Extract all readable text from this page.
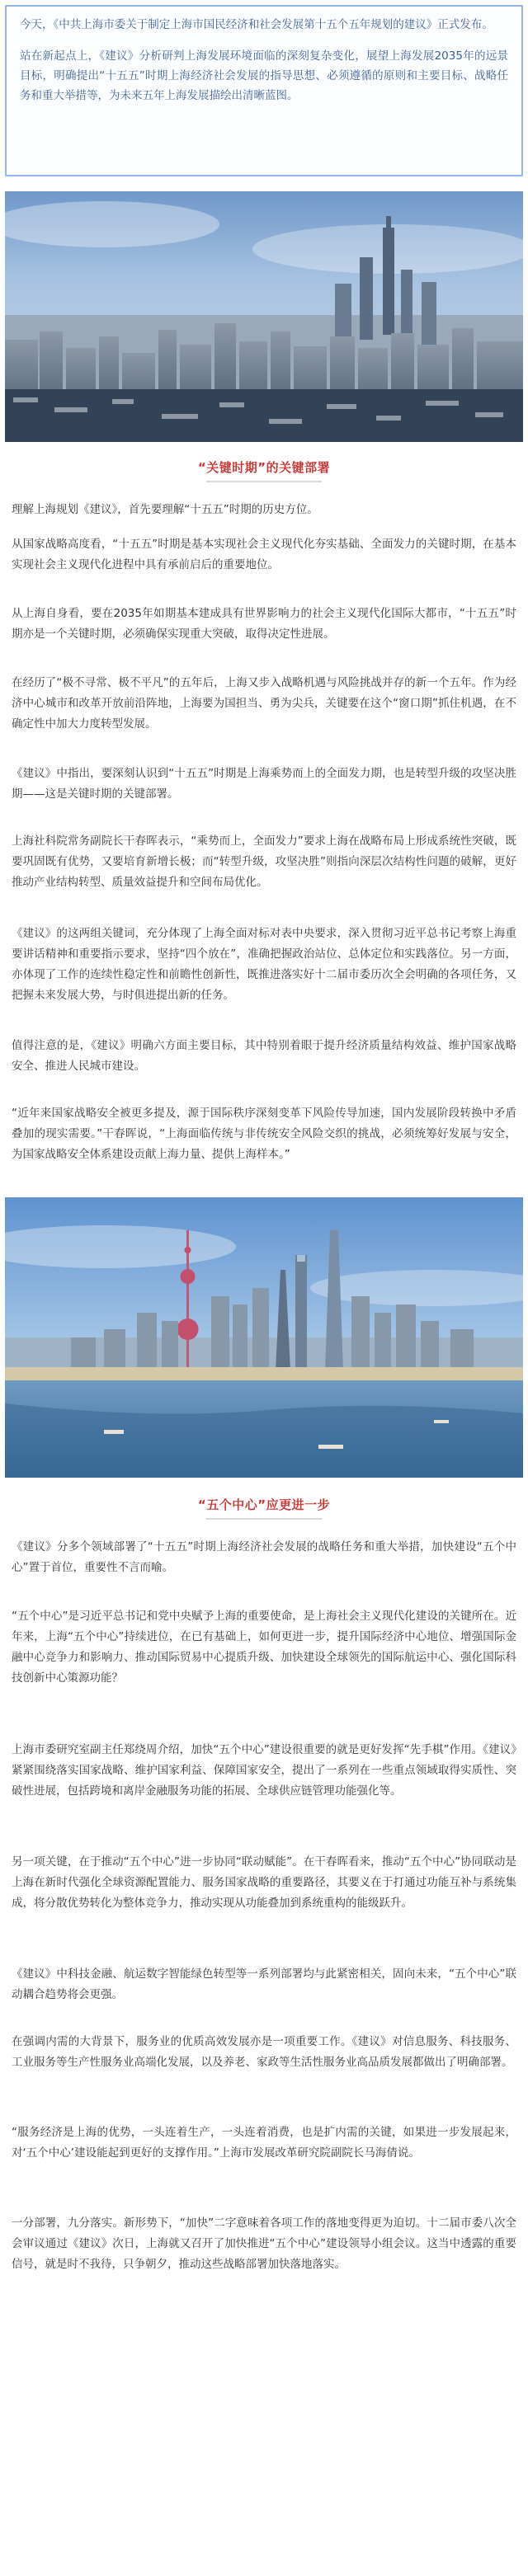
今天，《中共上海市委关于制定上海市国民经济和社会发展第十五个五年规划的建议》正式发布。

站在新起点上，《建议》分析研判上海发展环境面临的深刻复杂变化，展望上海发展2035年的远景目标，明确提出“十五五”时期上海经济社会发展的指导思想、必须遵循的原则和主要目标、战略任务和重大举措等，为未来五年上海发展描绘出清晰蓝图。

“关键时期”的关键部署

理解上海规划《建议》，首先要理解“十五五”时期的历史方位。

从国家战略高度看，“十五五”时期是基本实现社会主义现代化夯实基础、全面发力的关键时期，在基本实现社会主义现代化进程中具有承前启后的重要地位。

从上海自身看，要在2035年如期基本建成具有世界影响力的社会主义现代化国际大都市，“十五五”时期亦是一个关键时期，必须确保实现重大突破，取得决定性进展。

在经历了“极不寻常、极不平凡”的五年后，上海又步入战略机遇与风险挑战并存的新一个五年。作为经济中心城市和改革开放前沿阵地，上海要为国担当、勇为尖兵，关键要在这个“窗口期”抓住机遇，在不确定性中加大力度转型发展。

《建议》中指出，要深刻认识到“十五五”时期是上海乘势而上的全面发力期，也是转型升级的攻坚决胜期——这是关键时期的关键部署。

上海社科院常务副院长干春晖表示，“乘势而上，全面发力”要求上海在战略布局上形成系统性突破，既要巩固既有优势，又要培育新增长极；而“转型升级，攻坚决胜”则指向深层次结构性问题的破解，更好推动产业结构转型、质量效益提升和空间布局优化。

《建议》的这两组关键词，充分体现了上海全面对标对表中央要求，深入贯彻习近平总书记考察上海重要讲话精神和重要指示要求，坚持“四个放在”，准确把握政治站位、总体定位和实践落位。另一方面，亦体现了工作的连续性稳定性和前瞻性创新性，既推进落实好十二届市委历次全会明确的各项任务，又把握未来发展大势，与时俱进提出新的任务。

值得注意的是，《建议》明确六方面主要目标，其中特别着眼于提升经济质量结构效益、维护国家战略安全、推进人民城市建设。

“近年来国家战略安全被更多提及，源于国际秩序深刻变革下风险传导加速，国内发展阶段转换中矛盾叠加的现实需要。”干春晖说，“上海面临传统与非传统安全风险交织的挑战，必须统筹好发展与安全，为国家战略安全体系建设贡献上海力量、提供上海样本。”

“五个中心”应更进一步

《建议》分多个领域部署了“十五五”时期上海经济社会发展的战略任务和重大举措，加快建设“五个中心”置于首位，重要性不言而喻。

“五个中心”是习近平总书记和党中央赋予上海的重要使命，是上海社会主义现代化建设的关键所在。近年来，上海“五个中心”持续进位，在已有基础上，如何更进一步，提升国际经济中心地位、增强国际金融中心竞争力和影响力、推动国际贸易中心提质升级、加快建设全球领先的国际航运中心、强化国际科技创新中心策源功能？

上海市委研究室副主任郑绕周介绍，加快“五个中心”建设很重要的就是更好发挥“先手棋”作用。《建议》紧紧围绕落实国家战略、维护国家利益、保障国家安全，提出了一系列在一些重点领域取得实质性、突破性进展，包括跨境和离岸金融服务功能的拓展、全球供应链管理功能强化等。

另一项关键，在于推动“五个中心”进一步协同“联动赋能”。在干春晖看来，推动“五个中心”协同联动是上海在新时代强化全球资源配置能力、服务国家战略的重要路径，其要义在于打通过功能互补与系统集成，将分散优势转化为整体竞争力，推动实现从功能叠加到系统重构的能级跃升。

《建议》中科技金融、航运数字智能绿色转型等一系列部署均与此紧密相关，固向未来，“五个中心”联动耦合趋势将会更强。

在强调内需的大背景下，服务业的优质高效发展亦是一项重要工作。《建议》对信息服务、科技服务、工业服务等生产性服务业高端化发展，以及养老、家政等生活性服务业高品质发展都做出了明确部署。

“服务经济是上海的优势，一头连着生产，一头连着消费，也是扩内需的关键，如果进一步发展起来，对‘五个中心’建设能起到更好的支撑作用。”上海市发展改革研究院副院长马海倩说。

一分部署，九分落实。新形势下，“加快”二字意味着各项工作的落地变得更为迫切。十二届市委八次全会审议通过《建议》次日，上海就又召开了加快推进“五个中心”建设领导小组会议。这当中透露的重要信号，就是时不我待，只争朝夕，推动这些战略部署加快落地落实。
